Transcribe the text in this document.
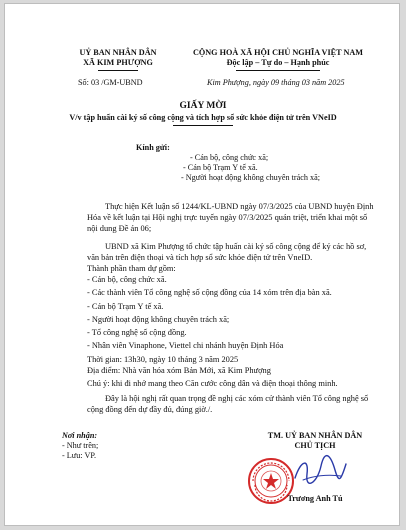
UỶ BAN NHÂN DÂN
XÃ KIM PHƯỢNG
CỘNG HOÀ XÃ HỘI CHỦ NGHĨA VIỆT NAM
Độc lập – Tự do – Hạnh phúc
Số: 03 /GM-UBND	Kim Phượng, ngày 09 tháng 03 năm 2025
GIẤY MỜI
V/v tập huấn cài ký số công cộng và tích hợp sổ sức khỏe điện tử trên VNeID
Kính gửi:
- Cán bộ, công chức xã;
- Cán bộ Trạm Y tế xã.
- Người hoạt động không chuyên trách xã;
Thực hiện Kết luận số 1244/KL-UBND ngày 07/3/2025 của UBND huyện Định
Hóa về kết luận tại Hội nghị trực tuyến ngày 07/3/2025 quán triệt, triển khai một số
nội dung Đề án 06;
UBND xã Kim Phượng tổ chức tập huấn cài ký số công cộng để ký các hồ sơ,
văn bản trên điện thoại và tích hợp sổ sức khỏe điện tử trên VneID.
Thành phần tham dự gồm:
- Cán bộ, công chức xã.
- Các thành viên Tổ công nghệ số cộng đồng của 14 xóm trên địa bàn xã.
- Cán bộ Trạm Y tế xã.
- Người hoạt động không chuyên trách xã;
- Tổ công nghệ số cộng đồng.
- Nhân viên Vinaphone, Viettel chi nhánh huyện Định Hóa
Thời gian: 13h30, ngày 10 tháng 3 năm 2025
Địa điểm: Nhà văn hóa xóm Bản Mới, xã Kim Phượng
Chú ý: khi đi nhớ mang theo Căn cước công dân và điện thoại thông minh.
Đây là hội nghị rất quan trọng đề nghị các xóm cử thành viên Tổ công nghệ số
cộng đồng đến dự đầy đủ, đúng giờ./.
Nơi nhận:
- Như trên;
- Lưu: VP.
TM. UỶ BAN NHÂN DÂN
CHỦ TỊCH
Trương Anh Tú
